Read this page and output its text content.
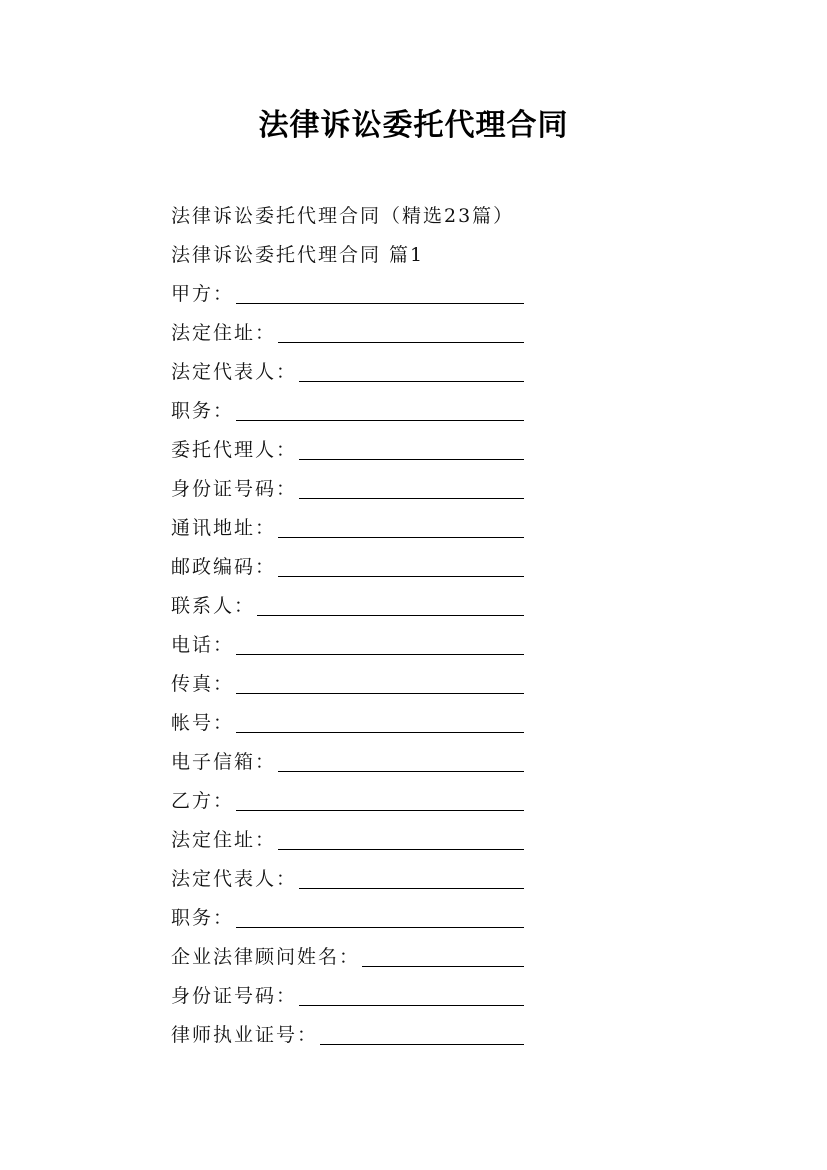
法律诉讼委托代理合同
法律诉讼委托代理合同（精选23篇）
法律诉讼委托代理合同 篇1
甲方：
法定住址：
法定代表人：
职务：
委托代理人：
身份证号码：
通讯地址：
邮政编码：
联系人：
电话：
传真：
帐号：
电子信箱：
乙方：
法定住址：
法定代表人：
职务：
企业法律顾问姓名：
身份证号码：
律师执业证号：
